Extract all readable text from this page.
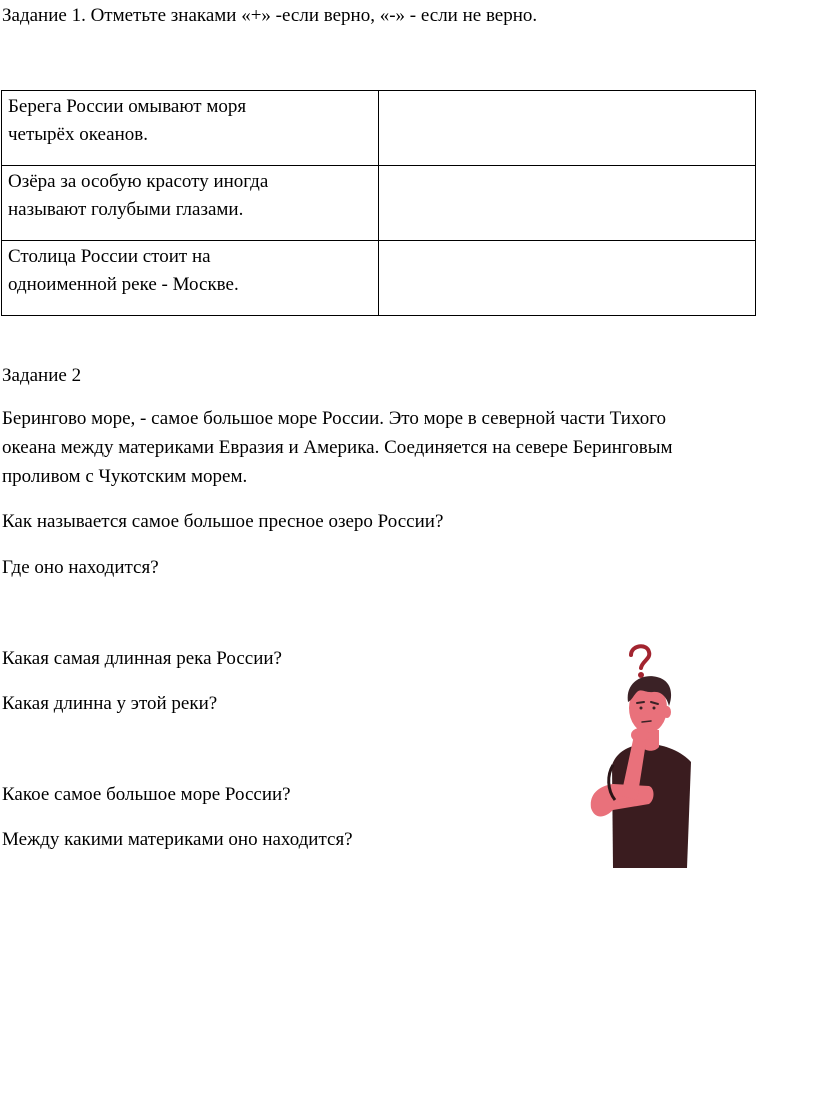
Задание 1. Отметьте знаками «+» -если верно, «-» - если не верно.
Берега России омывают моря
четырёх океанов.	

Озёра за особую красоту иногда
называют голубыми глазами.	

Столица России стоит на
одноименной реке - Москве.	

Задание 2
Берингово море, - самое большое море России. Это море в северной части Тихого
океана между материками Евразия и Америка. Соединяется на севере Беринговым
проливом с Чукотским морем.
Как называется самое большое пресное озеро России?
Где оно находится?
Какая самая длинная река России?
Какая длинна у этой реки?
Какое самое большое море России?
Между какими материками оно находится?
